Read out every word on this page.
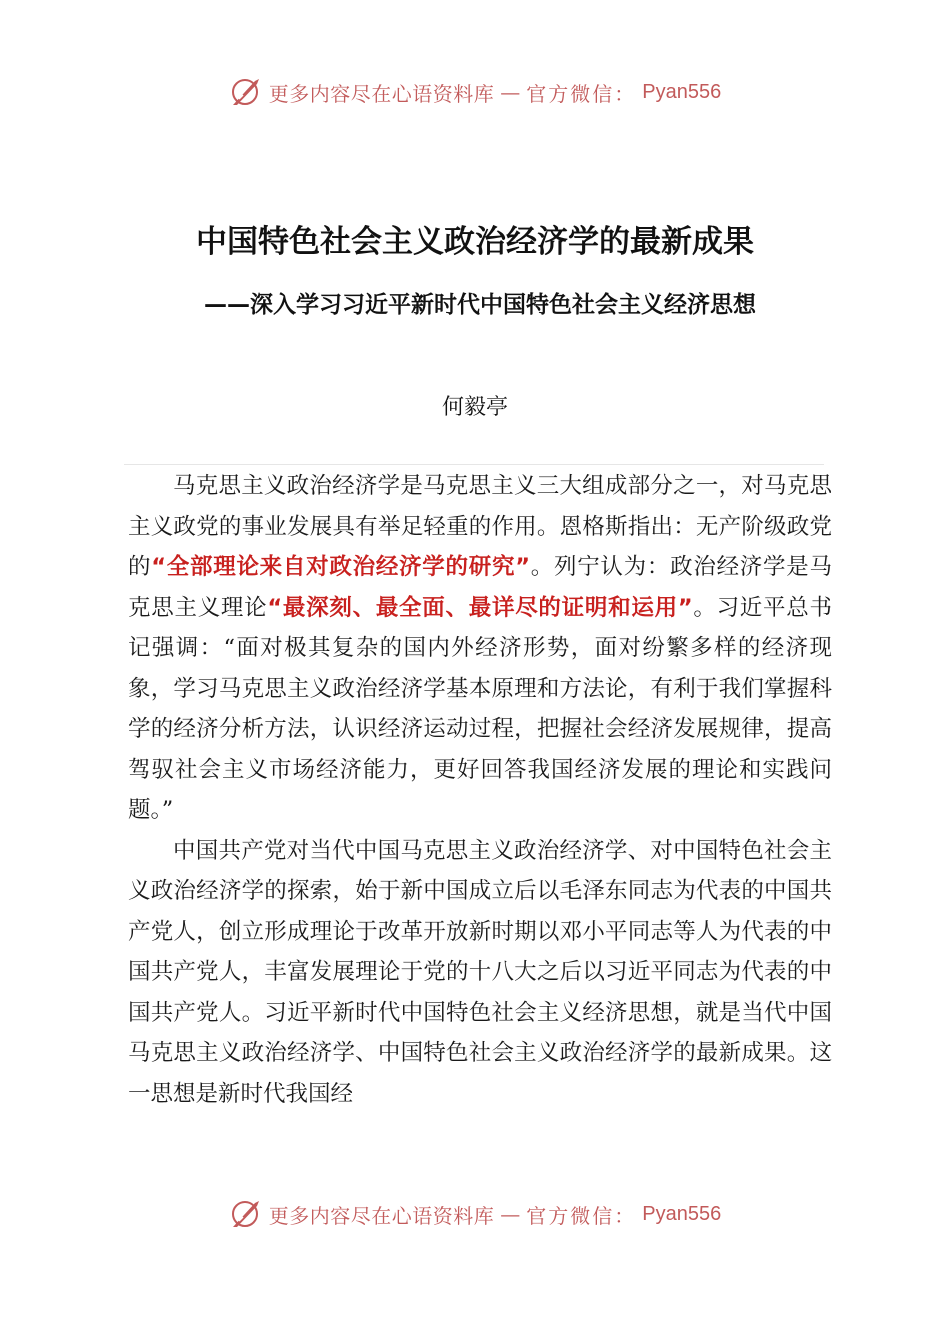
更多内容尽在心语资料库 — 官方微信： Pyan556
中国特色社会主义政治经济学的最新成果
——深入学习习近平新时代中国特色社会主义经济思想
何毅亭

马克思主义政治经济学是马克思主义三大组成部分之一，对马克思主义政党的事业发展具有举足轻重的作用。恩格斯指出：无产阶级政党的“全部理论来自对政治经济学的研究”。列宁认为：政治经济学是马克思主义理论“最深刻、最全面、最详尽的证明和运用”。习近平总书记强调：“面对极其复杂的国内外经济形势，面对纷繁多样的经济现象，学习马克思主义政治经济学基本原理和方法论，有利于我们掌握科学的经济分析方法，认识经济运动过程，把握社会经济发展规律，提高驾驭社会主义市场经济能力，更好回答我国经济发展的理论和实践问题。”

中国共产党对当代中国马克思主义政治经济学、对中国特色社会主义政治经济学的探索，始于新中国成立后以毛泽东同志为代表的中国共产党人，创立形成理论于改革开放新时期以邓小平同志等人为代表的中国共产党人，丰富发展理论于党的十八大之后以习近平同志为代表的中国共产党人。习近平新时代中国特色社会主义经济思想，就是当代中国马克思主义政治经济学、中国特色社会主义政治经济学的最新成果。这一思想是新时代我国经

更多内容尽在心语资料库 — 官方微信： Pyan556
